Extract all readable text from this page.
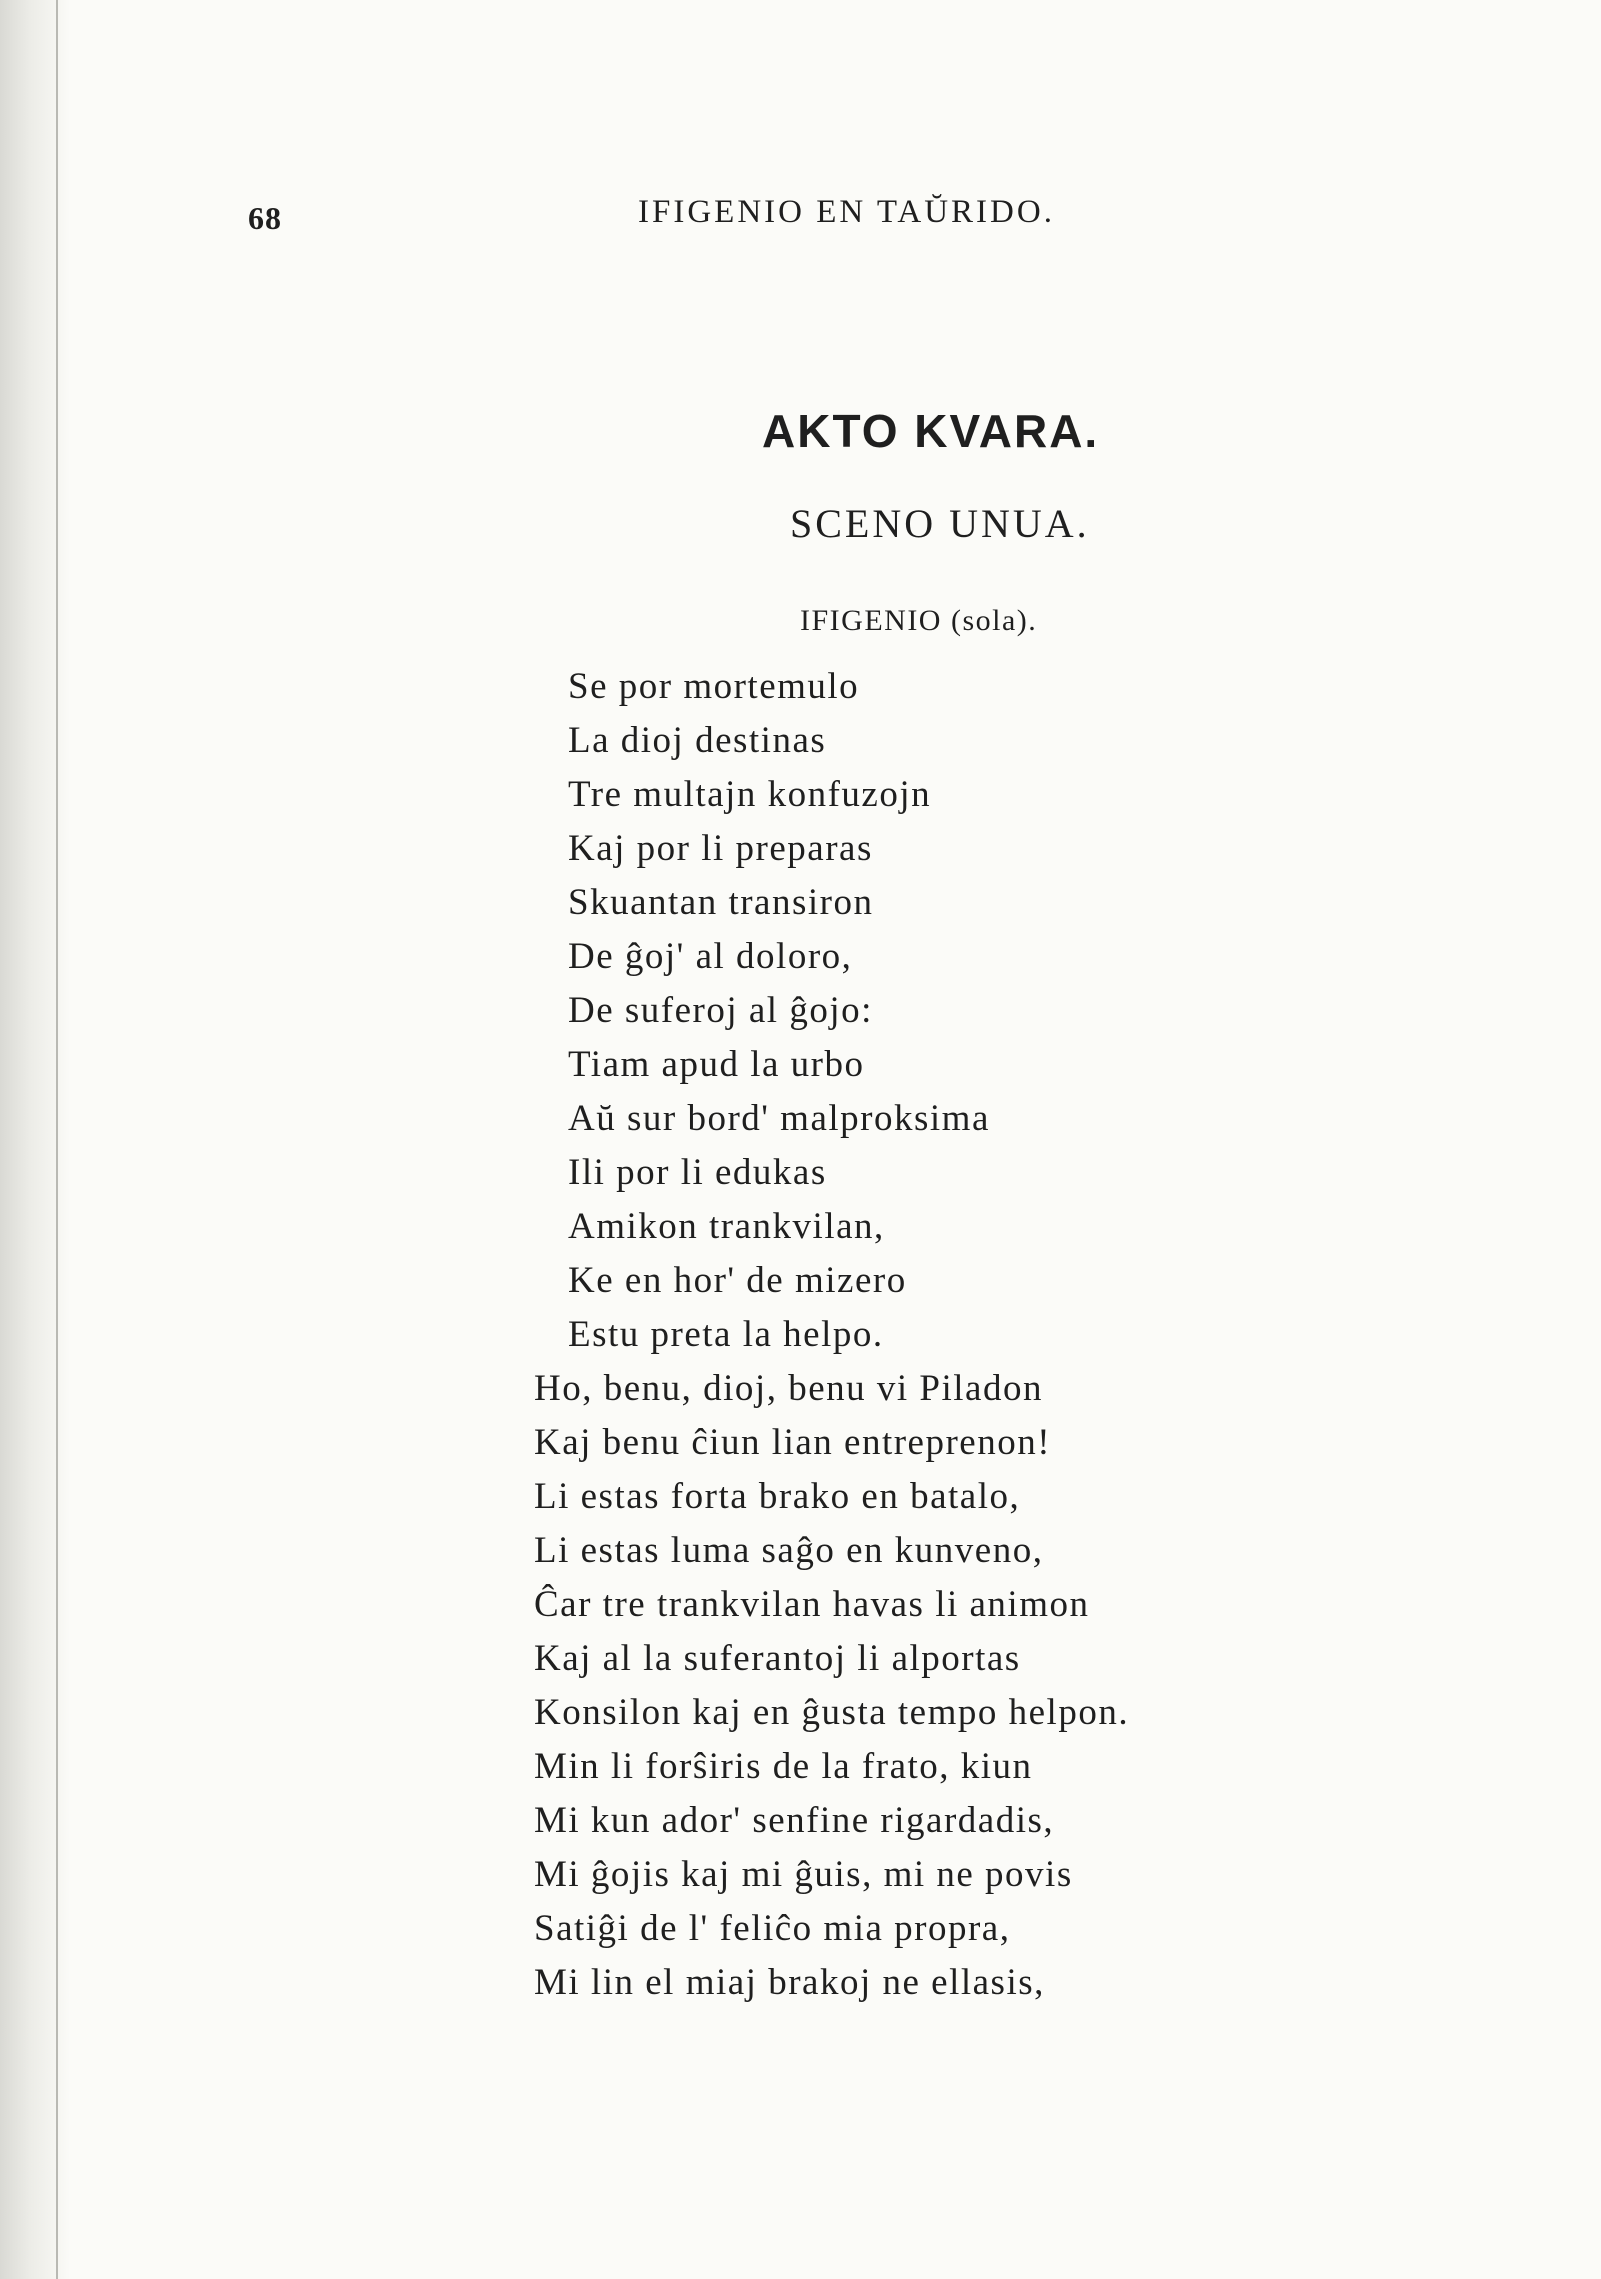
68	IFIGENIO EN TAŬRIDO.
AKTO KVARA.
SCENO UNUA.
IFIGENIO (sola).
Se por mortemulo
La dioj destinas
Tre multajn konfuzojn
Kaj por li preparas
Skuantan transiron
De ĝoj' al doloro,
De suferoj al ĝojo:
Tiam apud la urbo
Aŭ sur bord' malproksima
Ili por li edukas
Amikon trankvilan,
Ke en hor' de mizero
Estu preta la helpo.
Ho, benu, dioj, benu vi Piladon
Kaj benu ĉiun lian entreprenon!
Li estas forta brako en batalo,
Li estas luma saĝo en kunveno,
Ĉar tre trankvilan havas li animon
Kaj al la suferantoj li alportas
Konsilon kaj en ĝusta tempo helpon.
Min li forŝiris de la frato, kiun
Mi kun ador' senfine rigardadis,
Mi ĝojis kaj mi ĝuis, mi ne povis
Satiĝi de l' feliĉo mia propra,
Mi lin el miaj brakoj ne ellasis,
